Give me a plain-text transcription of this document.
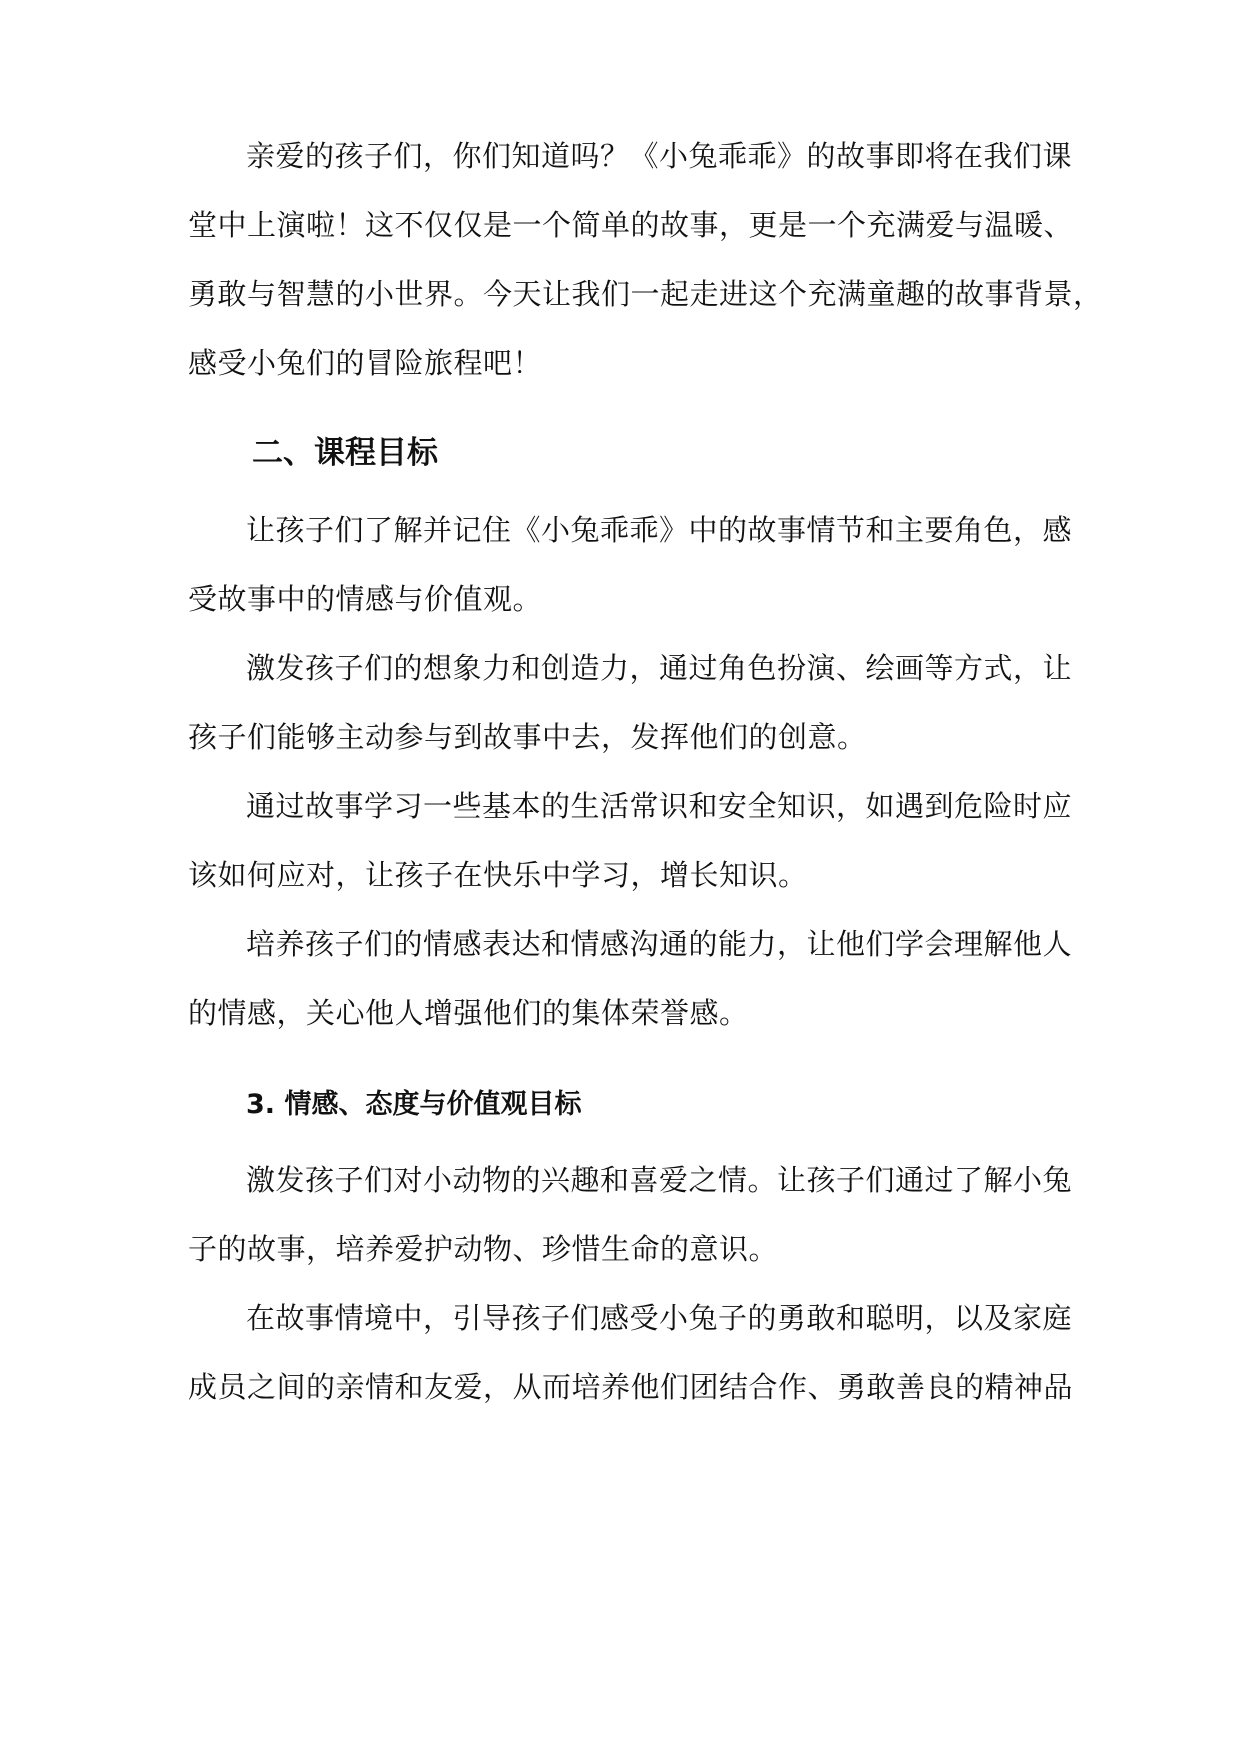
亲爱的孩子们，你们知道吗？《小兔乖乖》的故事即将在我们课
堂中上演啦！这不仅仅是一个简单的故事，更是一个充满爱与温暖、
勇敢与智慧的小世界。今天让我们一起走进这个充满童趣的故事背景，
感受小兔们的冒险旅程吧！
二、课程目标
让孩子们了解并记住《小兔乖乖》中的故事情节和主要角色，感
受故事中的情感与价值观。
激发孩子们的想象力和创造力，通过角色扮演、绘画等方式，让
孩子们能够主动参与到故事中去，发挥他们的创意。
通过故事学习一些基本的生活常识和安全知识，如遇到危险时应
该如何应对，让孩子在快乐中学习，增长知识。
培养孩子们的情感表达和情感沟通的能力，让他们学会理解他人
的情感，关心他人增强他们的集体荣誉感。
3. 情感、态度与价值观目标
激发孩子们对小动物的兴趣和喜爱之情。让孩子们通过了解小兔
子的故事，培养爱护动物、珍惜生命的意识。
在故事情境中，引导孩子们感受小兔子的勇敢和聪明，以及家庭
成员之间的亲情和友爱，从而培养他们团结合作、勇敢善良的精神品
